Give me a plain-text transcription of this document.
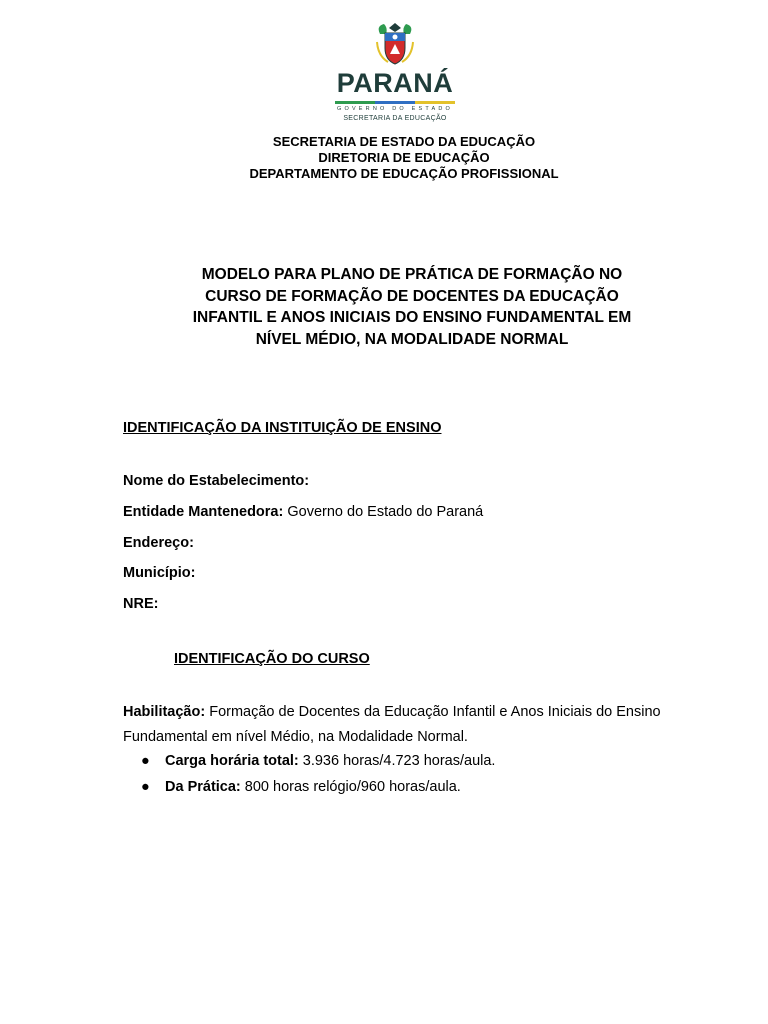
PARANÁ
GOVERNO DO ESTADO
SECRETARIA DA EDUCAÇÃO
SECRETARIA DE ESTADO DA EDUCAÇÃO
DIRETORIA DE EDUCAÇÃO
DEPARTAMENTO DE EDUCAÇÃO PROFISSIONAL
MODELO PARA PLANO DE PRÁTICA DE FORMAÇÃO NO
CURSO DE FORMAÇÃO DE DOCENTES DA EDUCAÇÃO
INFANTIL E ANOS INICIAIS DO ENSINO FUNDAMENTAL EM
NÍVEL MÉDIO, NA MODALIDADE NORMAL
IDENTIFICAÇÃO DA INSTITUIÇÃO DE ENSINO
Nome do Estabelecimento:
Entidade Mantenedora: Governo do Estado do Paraná
Endereço:
Município:
NRE:
IDENTIFICAÇÃO DO CURSO
Habilitação: Formação de Docentes da Educação Infantil e Anos Iniciais do Ensino Fundamental em nível Médio, na Modalidade Normal.
● Carga horária total: 3.936 horas/4.723 horas/aula.
● Da Prática: 800 horas relógio/960 horas/aula.
